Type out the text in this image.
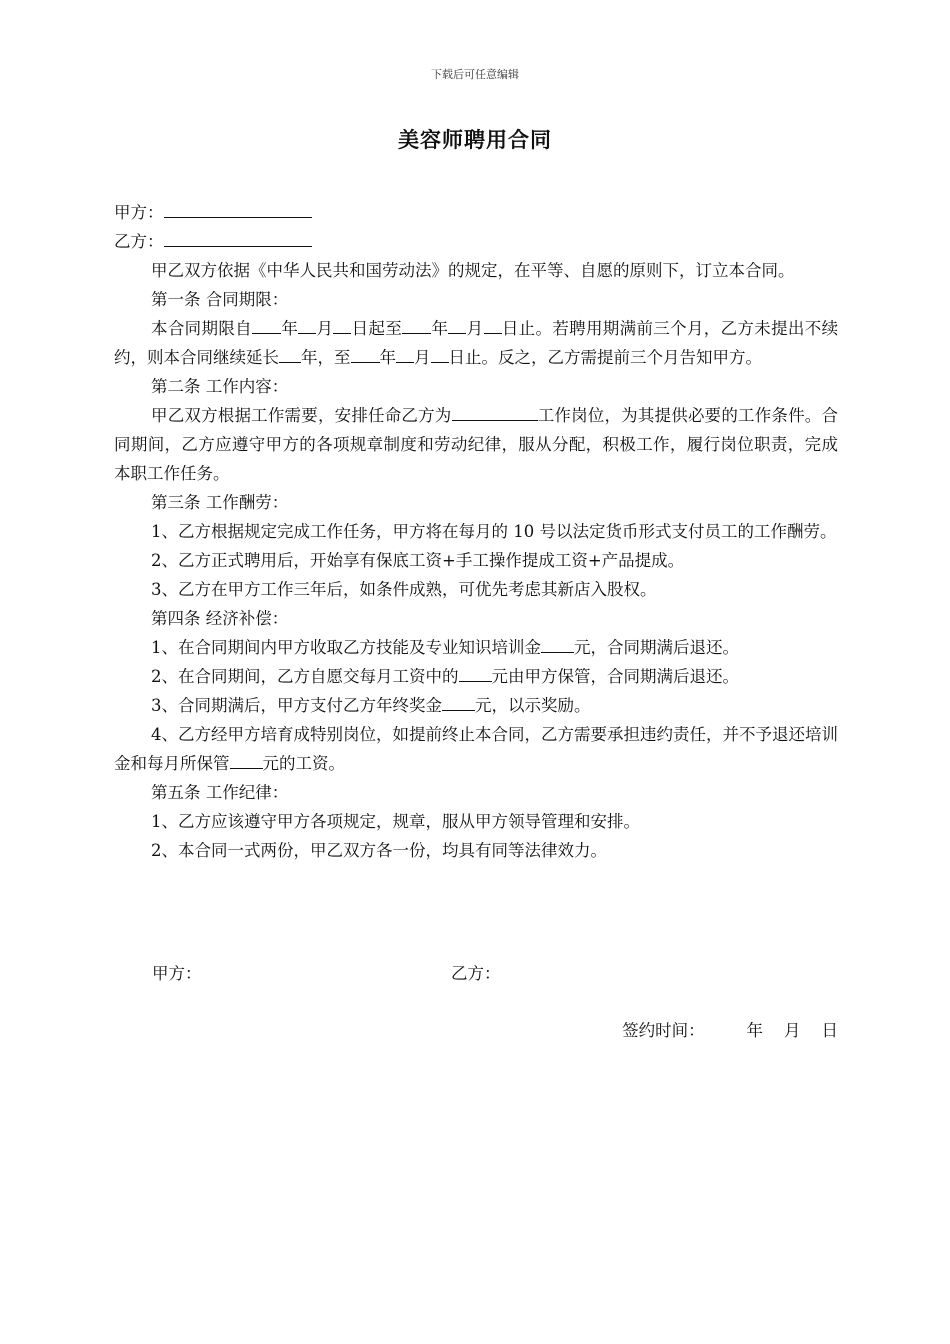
下载后可任意编辑
美容师聘用合同

甲方：

乙方：

甲乙双方依据《中华人民共和国劳动法》的规定，在平等、自愿的原则下，订立本合同。

第一条 合同期限：

本合同期限自 年 月 日起至 年 月 日止。若聘用期满前三个月，乙方未提出不续约，则本合同继续延长 年，至 年 月 日止。反之，乙方需提前三个月告知甲方。

第二条 工作内容：

甲乙双方根据工作需要，安排任命乙方为	工作岗位，为其提供必要的工作条件。合同期间，乙方应遵守甲方的各项规章制度和劳动纪律，服从分配，积极工作，履行岗位职责，完成本职工作任务。

第三条 工作酬劳：

1、乙方根据规定完成工作任务，甲方将在每月的 10 号以法定货币形式支付员工的工作酬劳。

2、乙方正式聘用后，开始享有保底工资+手工操作提成工资+产品提成。

3、乙方在甲方工作三年后，如条件成熟，可优先考虑其新店入股权。

第四条 经济补偿：

1、在合同期间内甲方收取乙方技能及专业知识培训金 元，合同期满后退还。

2、在合同期间，乙方自愿交每月工资中的 元由甲方保管，合同期满后退还。

3、合同期满后，甲方支付乙方年终奖金 元，以示奖励。

4、乙方经甲方培育成特别岗位，如提前终止本合同，乙方需要承担违约责任，并不予退还培训金和每月所保管 元的工资。

第五条 工作纪律：

1、乙方应该遵守甲方各项规定，规章，服从甲方领导管理和安排。

2、本合同一式两份，甲乙双方各一份，均具有同等法律效力。

甲方：	乙方：
签约时间：	年 月 日
